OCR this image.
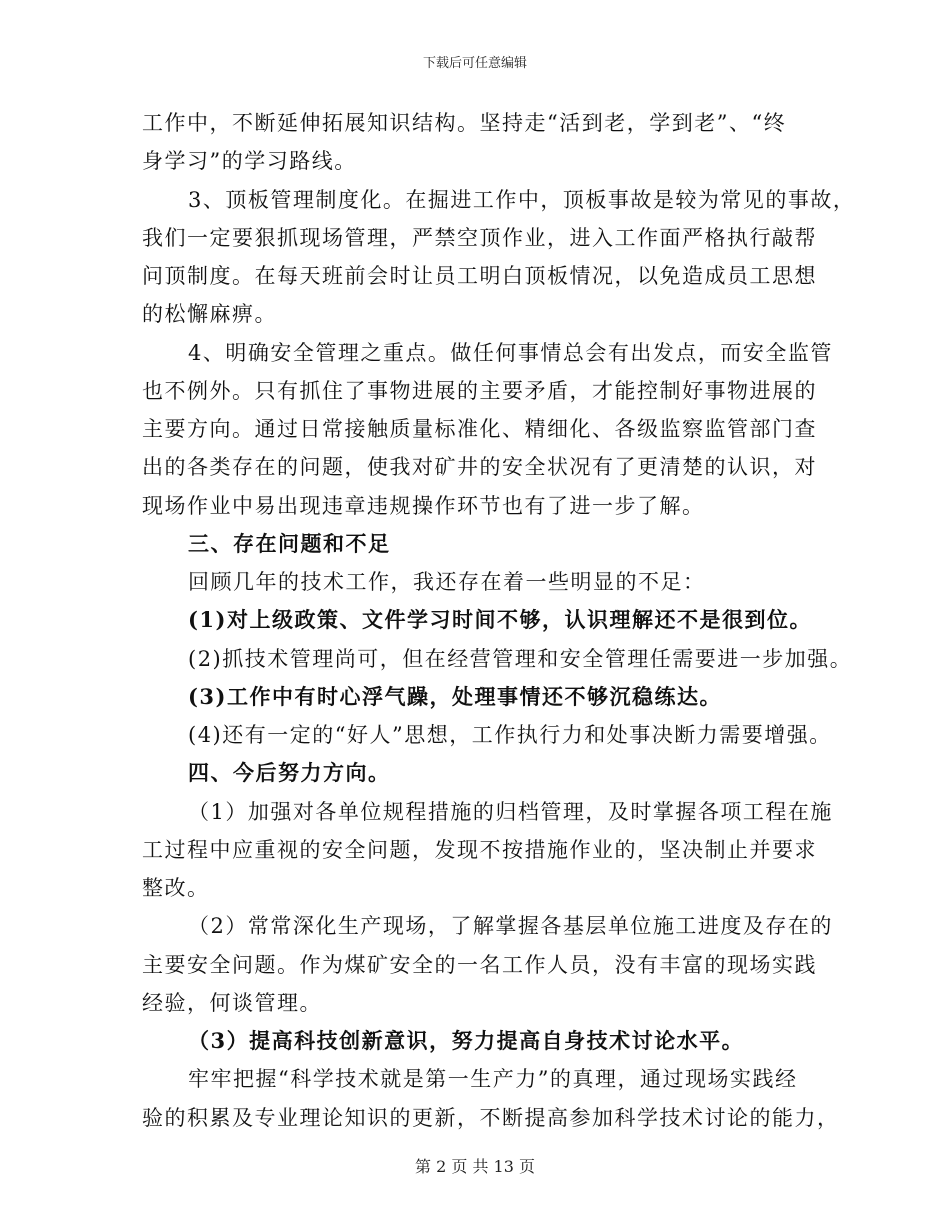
下载后可任意编辑
工作中，不断延伸拓展知识结构。坚持走“活到老，学到老”、“终
身学习”的学习路线。
3、顶板管理制度化。在掘进工作中，顶板事故是较为常见的事故，
我们一定要狠抓现场管理，严禁空顶作业，进入工作面严格执行敲帮
问顶制度。在每天班前会时让员工明白顶板情况，以免造成员工思想
的松懈麻痹。
4、明确安全管理之重点。做任何事情总会有出发点，而安全监管
也不例外。只有抓住了事物进展的主要矛盾，才能控制好事物进展的
主要方向。通过日常接触质量标准化、精细化、各级监察监管部门查
出的各类存在的问题，使我对矿井的安全状况有了更清楚的认识，对
现场作业中易出现违章违规操作环节也有了进一步了解。
三、存在问题和不足
回顾几年的技术工作，我还存在着一些明显的不足：
(1)对上级政策、文件学习时间不够，认识理解还不是很到位。
(2)抓技术管理尚可，但在经营管理和安全管理任需要进一步加强。
(3)工作中有时心浮气躁，处理事情还不够沉稳练达。
(4)还有一定的“好人”思想，工作执行力和处事决断力需要增强。
四、今后努力方向。
（1）加强对各单位规程措施的归档管理，及时掌握各项工程在施
工过程中应重视的安全问题，发现不按措施作业的，坚决制止并要求
整改。
（2）常常深化生产现场，了解掌握各基层单位施工进度及存在的
主要安全问题。作为煤矿安全的一名工作人员，没有丰富的现场实践
经验，何谈管理。
（3）提高科技创新意识，努力提高自身技术讨论水平。
牢牢把握“科学技术就是第一生产力”的真理，通过现场实践经
验的积累及专业理论知识的更新，不断提高参加科学技术讨论的能力，
第 2 页 共 13 页
